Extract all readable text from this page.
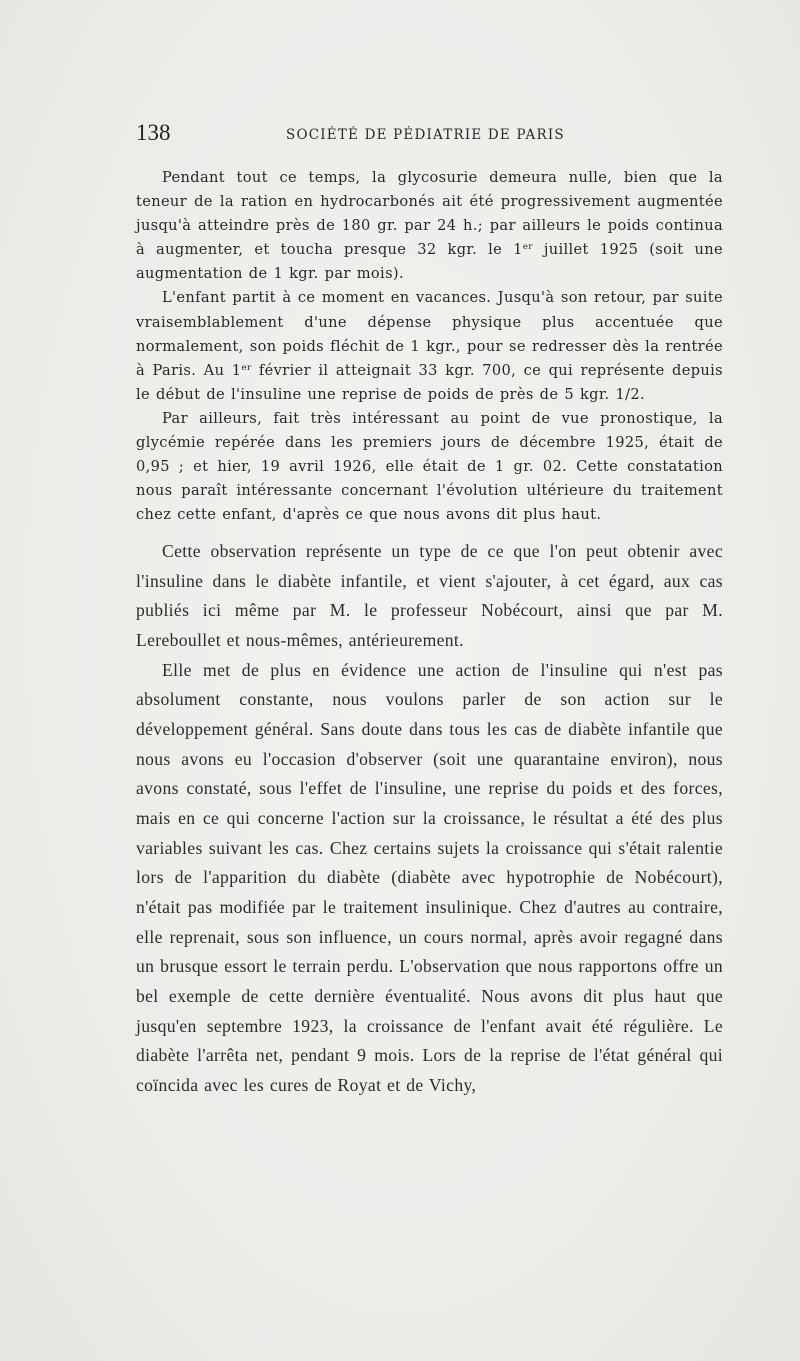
138	SOCIÉTÉ DE PÉDIATRIE DE PARIS

Pendant tout ce temps, la glycosurie demeura nulle, bien que la teneur de la ration en hydrocarbonés ait été progressivement augmentée jusqu'à atteindre près de 180 gr. par 24 h.; par ailleurs le poids continua à augmenter, et toucha presque 32 kgr. le 1er juillet 1925 (soit une augmentation de 1 kgr. par mois).

L'enfant partit à ce moment en vacances. Jusqu'à son retour, par suite vraisemblablement d'une dépense physique plus accentuée que normalement, son poids fléchit de 1 kgr., pour se redresser dès la rentrée à Paris. Au 1er février il atteignait 33 kgr. 700, ce qui représente depuis le début de l'insuline une reprise de poids de près de 5 kgr. 1/2.

Par ailleurs, fait très intéressant au point de vue pronostique, la glycémie repérée dans les premiers jours de décembre 1925, était de 0,95 ; et hier, 19 avril 1926, elle était de 1 gr. 02. Cette constatation nous paraît intéressante concernant l'évolution ultérieure du traitement chez cette enfant, d'après ce que nous avons dit plus haut.

Cette observation représente un type de ce que l'on peut obtenir avec l'insuline dans le diabète infantile, et vient s'ajouter, à cet égard, aux cas publiés ici même par M. le professeur Nobécourt, ainsi que par M. Lereboullet et nous-mêmes, antérieurement.

Elle met de plus en évidence une action de l'insuline qui n'est pas absolument constante, nous voulons parler de son action sur le développement général. Sans doute dans tous les cas de diabète infantile que nous avons eu l'occasion d'observer (soit une quarantaine environ), nous avons constaté, sous l'effet de l'insuline, une reprise du poids et des forces, mais en ce qui concerne l'action sur la croissance, le résultat a été des plus variables suivant les cas. Chez certains sujets la croissance qui s'était ralentie lors de l'apparition du diabète (diabète avec hypotrophie de Nobécourt), n'était pas modifiée par le traitement insulinique. Chez d'autres au contraire, elle reprenait, sous son influence, un cours normal, après avoir regagné dans un brusque essort le terrain perdu. L'observation que nous rapportons offre un bel exemple de cette dernière éventualité. Nous avons dit plus haut que jusqu'en septembre 1923, la croissance de l'enfant avait été régulière. Le diabète l'arrêta net, pendant 9 mois. Lors de la reprise de l'état général qui coïncida avec les cures de Royat et de Vichy,
